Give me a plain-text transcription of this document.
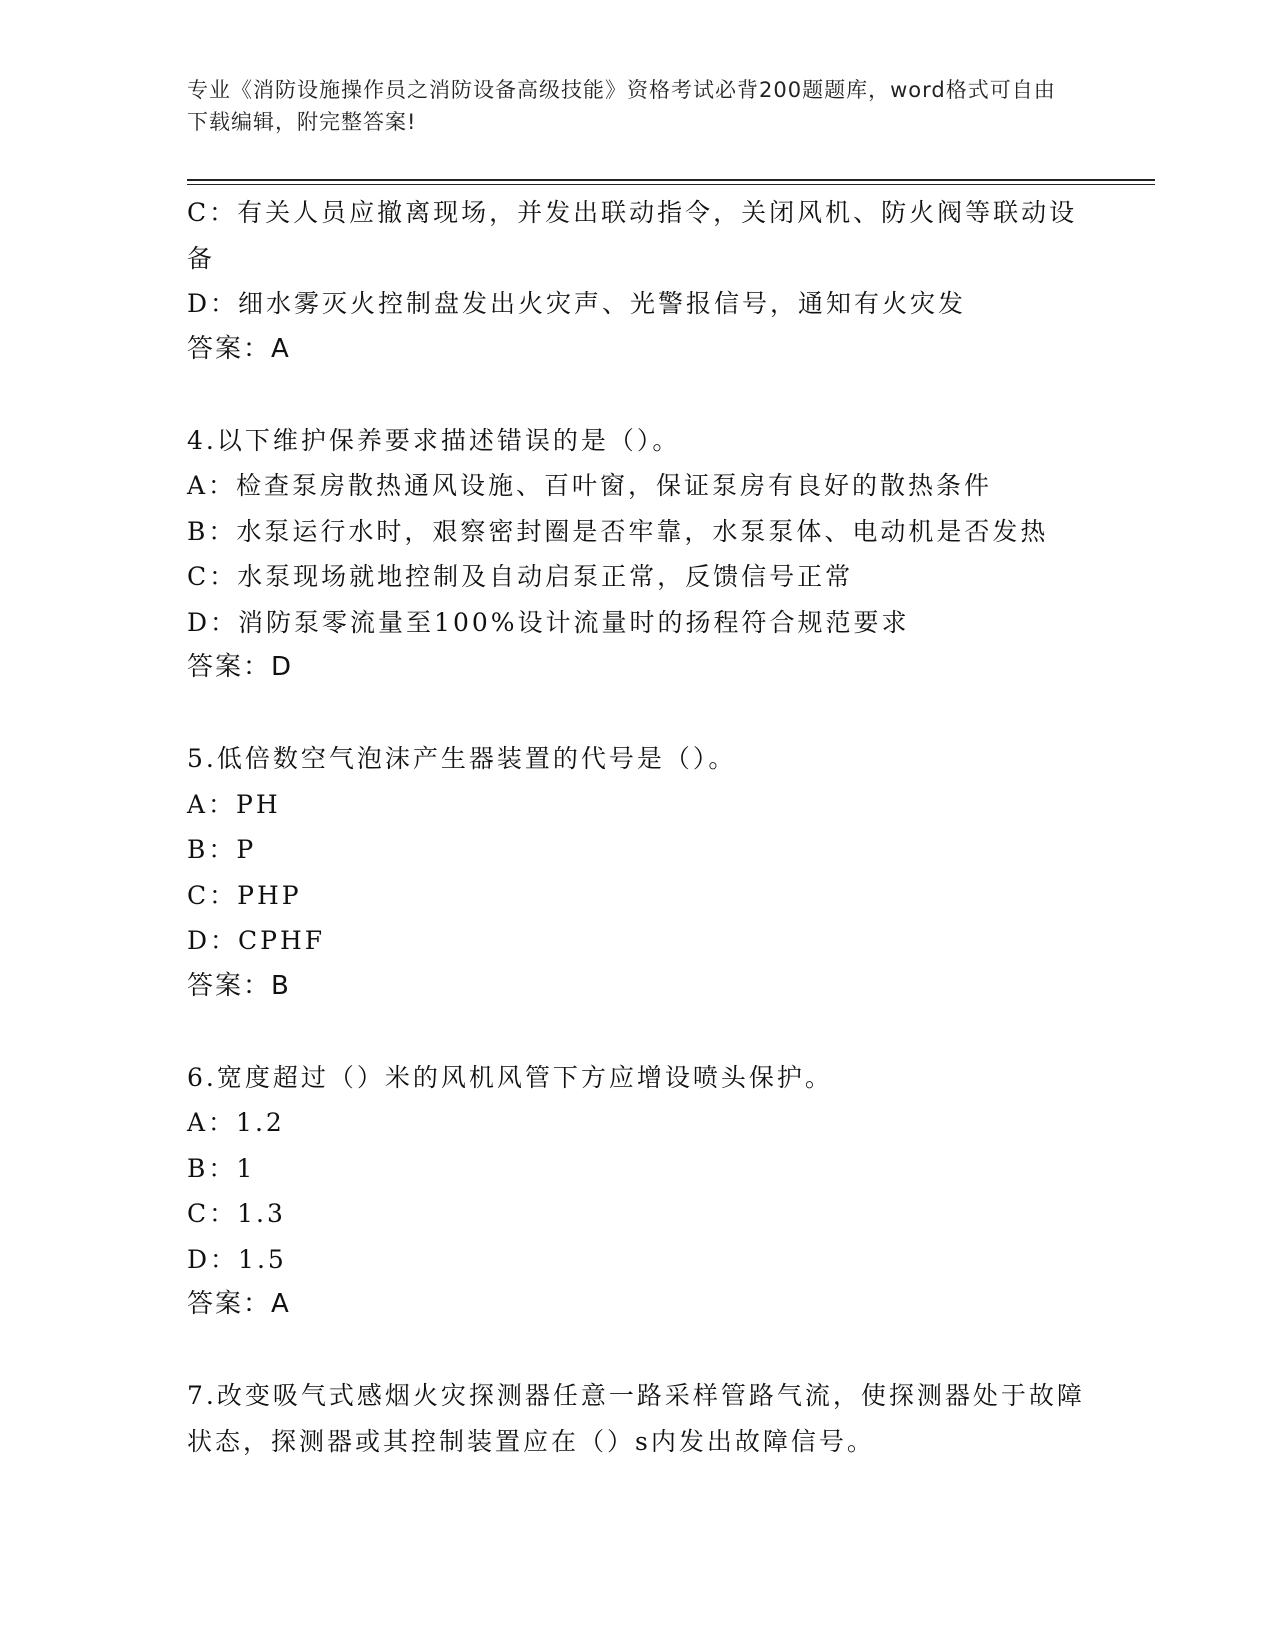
专业《消防设施操作员之消防设备高级技能》资格考试必背200题题库，word格式可自由下载编辑，附完整答案!
C：有关人员应撤离现场，并发出联动指令，关闭风机、防火阀等联动设备
D：细水雾灭火控制盘发出火灾声、光警报信号，通知有火灾发
答案：A
4.以下维护保养要求描述错误的是（）。
A：检查泵房散热通风设施、百叶窗，保证泵房有良好的散热条件
B：水泵运行水时，艰察密封圈是否牢靠，水泵泵体、电动机是否发热
C：水泵现场就地控制及自动启泵正常，反馈信号正常
D：消防泵零流量至100%设计流量时的扬程符合规范要求
答案：D
5.低倍数空气泡沫产生器装置的代号是（）。
A：PH
B：P
C：PHP
D：CPHF
答案：B
6.宽度超过（）米的风机风管下方应增设喷头保护。
A：1.2
B：1
C：1.3
D：1.5
答案：A
7.改变吸气式感烟火灾探测器任意一路采样管路气流，使探测器处于故障状态，探测器或其控制装置应在（）s内发出故障信号。
